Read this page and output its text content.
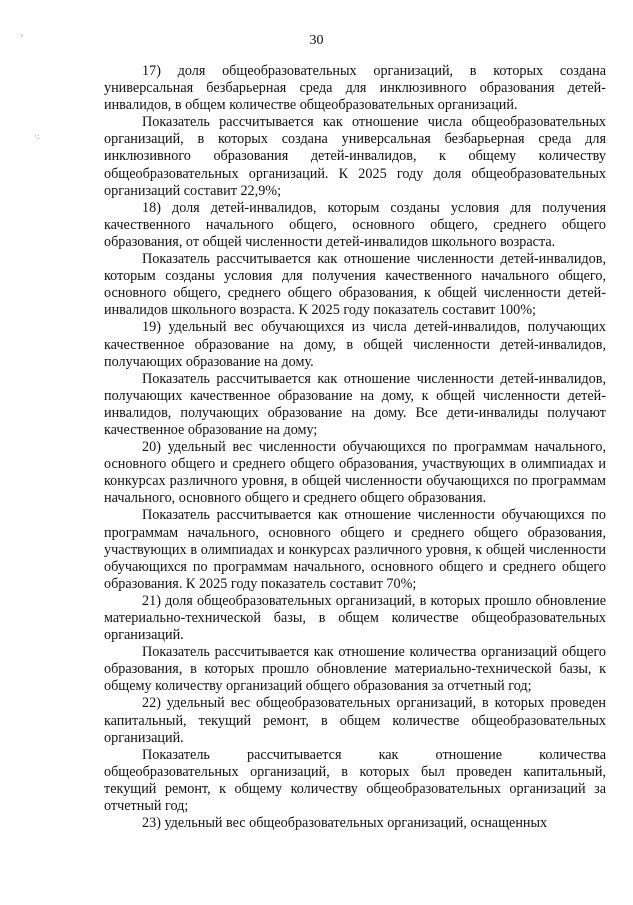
-
·:
30

17) доля общеобразовательных организаций, в которых создана универсальная безбарьерная среда для инклюзивного образования детей-инвалидов, в общем количестве общеобразовательных организаций.

Показатель рассчитывается как отношение числа общеобразовательных организаций, в которых создана универсальная безбарьерная среда для инклюзивного образования детей-инвалидов, к общему количеству общеобразовательных организаций. К 2025 году доля общеобразовательных организаций составит 22,9%;

18) доля детей-инвалидов, которым созданы условия для получения качественного начального общего, основного общего, среднего общего образования, от общей численности детей-инвалидов школьного возраста.

Показатель рассчитывается как отношение численности детей-инвалидов, которым созданы условия для получения качественного начального общего, основного общего, среднего общего образования, к общей численности детей-инвалидов школьного возраста. К 2025 году показатель составит 100%;

19) удельный вес обучающихся из числа детей-инвалидов, получающих качественное образование на дому, в общей численности детей-инвалидов, получающих образование на дому.

Показатель рассчитывается как отношение численности детей-инвалидов, получающих качественное образование на дому, к общей численности детей-инвалидов, получающих образование на дому. Все дети-инвалиды получают качественное образование на дому;

20) удельный вес численности обучающихся по программам начального, основного общего и среднего общего образования, участвующих в олимпиадах и конкурсах различного уровня, в общей численности обучающихся по программам начального, основного общего и среднего общего образования.

Показатель рассчитывается как отношение численности обучающихся по программам начального, основного общего и среднего общего образования, участвующих в олимпиадах и конкурсах различного уровня, к общей численности обучающихся по программам начального, основного общего и среднего общего образования. К 2025 году показатель составит 70%;

21) доля общеобразовательных организаций, в которых прошло обновление материально-технической базы, в общем количестве общеобразовательных организаций.

Показатель рассчитывается как отношение количества организаций общего образования, в которых прошло обновление материально-технической базы, к общему количеству организаций общего образования за отчетный год;

22) удельный вес общеобразовательных организаций, в которых проведен капитальный, текущий ремонт, в общем количестве общеобразовательных организаций.

Показатель рассчитывается как отношение количества общеобразовательных организаций, в которых был проведен капитальный, текущий ремонт, к общему количеству общеобразовательных организаций за отчетный год;

23) удельный вес общеобразовательных организаций, оснащенных
